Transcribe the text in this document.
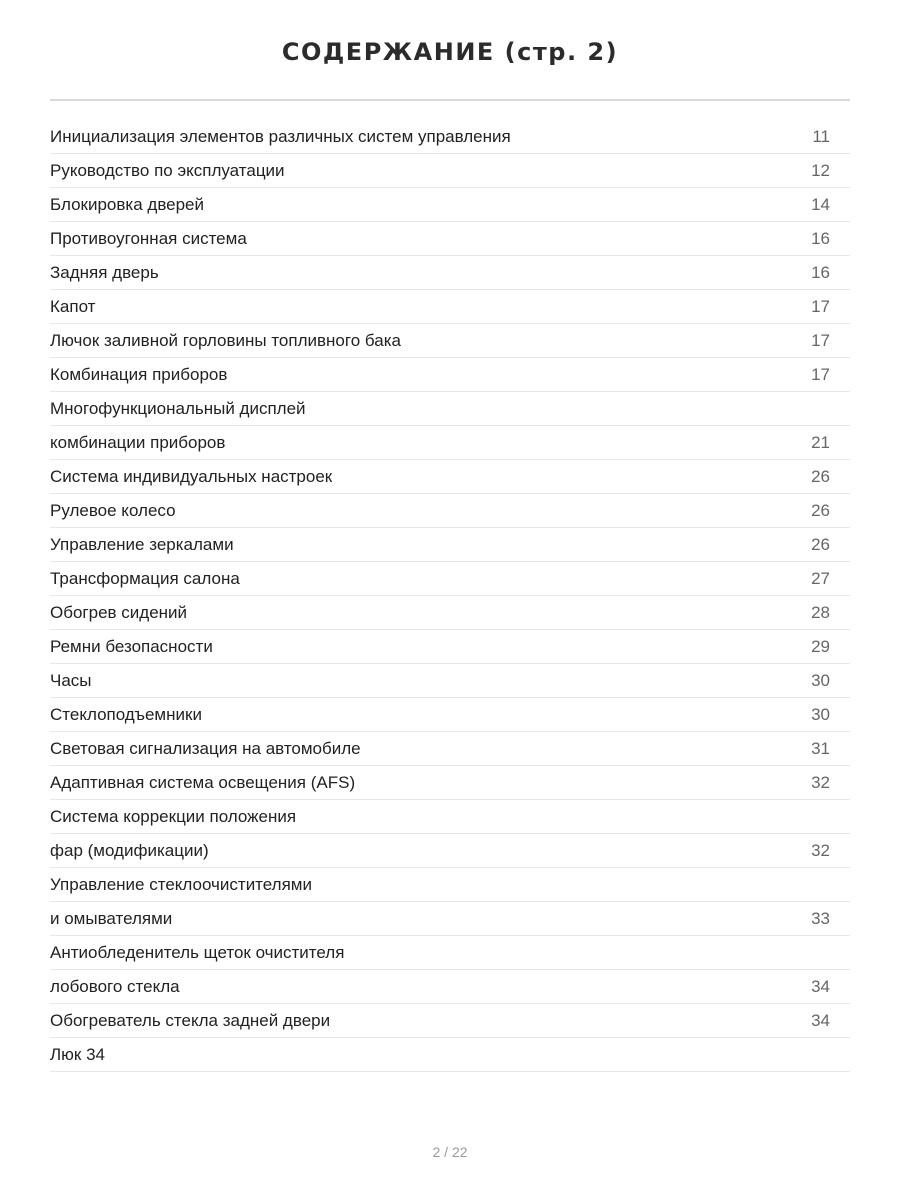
СОДЕРЖАНИЕ (стр. 2)
Инициализация элементов различных систем управления	11
Руководство по эксплуатации	12
Блокировка дверей	14
Противоугонная система	16
Задняя дверь	16
Капот	17
Лючок заливной горловины топливного бака	17
Комбинация приборов	17
Многофункциональный дисплей
комбинации приборов	21
Система индивидуальных настроек	26
Рулевое колесо	26
Управление зеркалами	26
Трансформация салона	27
Обогрев сидений	28
Ремни безопасности	29
Часы	30
Стеклоподъемники	30
Световая сигнализация на автомобиле	31
Адаптивная система освещения (AFS)	32
Система коррекции положения
фар (модификации)	32
Управление стеклоочистителями
и омывателями	33
Антиобледенитель щеток очистителя
лобового стекла	34
Обогреватель стекла задней двери	34
Люк 34
2 / 22
